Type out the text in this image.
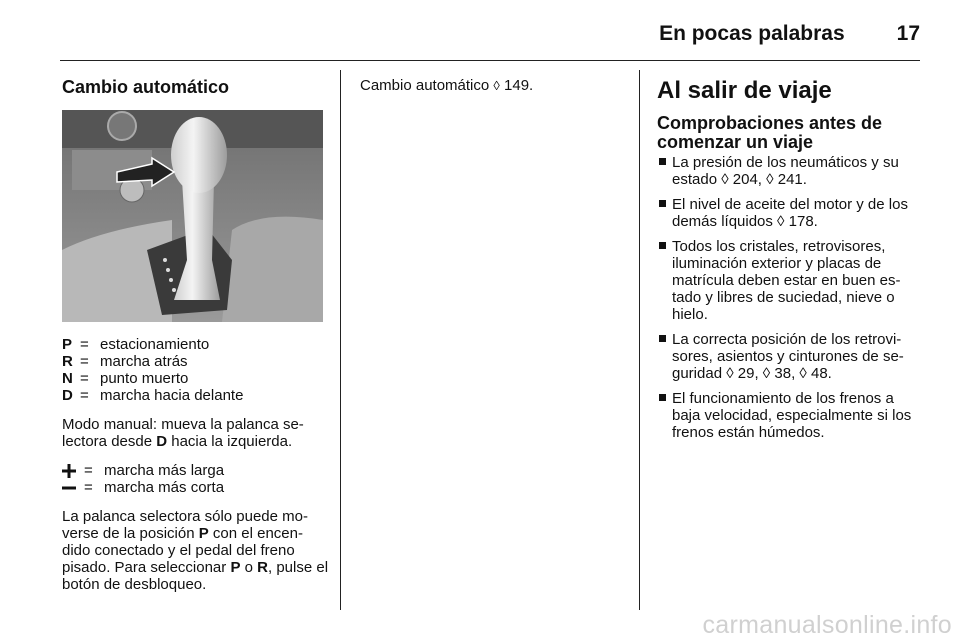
En pocas palabras 17
Cambio automático
P = estacionamiento
R = marcha atrás
N = punto muerto
D = marcha hacia delante
Modo manual: mueva la palanca se-lectora desde D hacia la izquierda.
= marcha más larga
= marcha más corta
La palanca selectora sólo puede mo-verse de la posición P con el encen-dido conectado y el pedal del freno pisado. Para seleccionar P o R, pulse el botón de desbloqueo.
Cambio automático ◊ 149.	Al salir de viaje
Comprobaciones antes de comenzar un viaje
La presión de los neumáticos y su estado ◊ 204, ◊ 241.
El nivel de aceite del motor y de los demás líquidos ◊ 178.
Todos los cristales, retrovisores, iluminación exterior y placas de matrícula deben estar en buen es-tado y libres de suciedad, nieve o hielo.
La correcta posición de los retrovi-sores, asientos y cinturones de se-guridad ◊ 29, ◊ 38, ◊ 48.
El funcionamiento de los frenos a baja velocidad, especialmente si los frenos están húmedos.
carmanualsonline.info
